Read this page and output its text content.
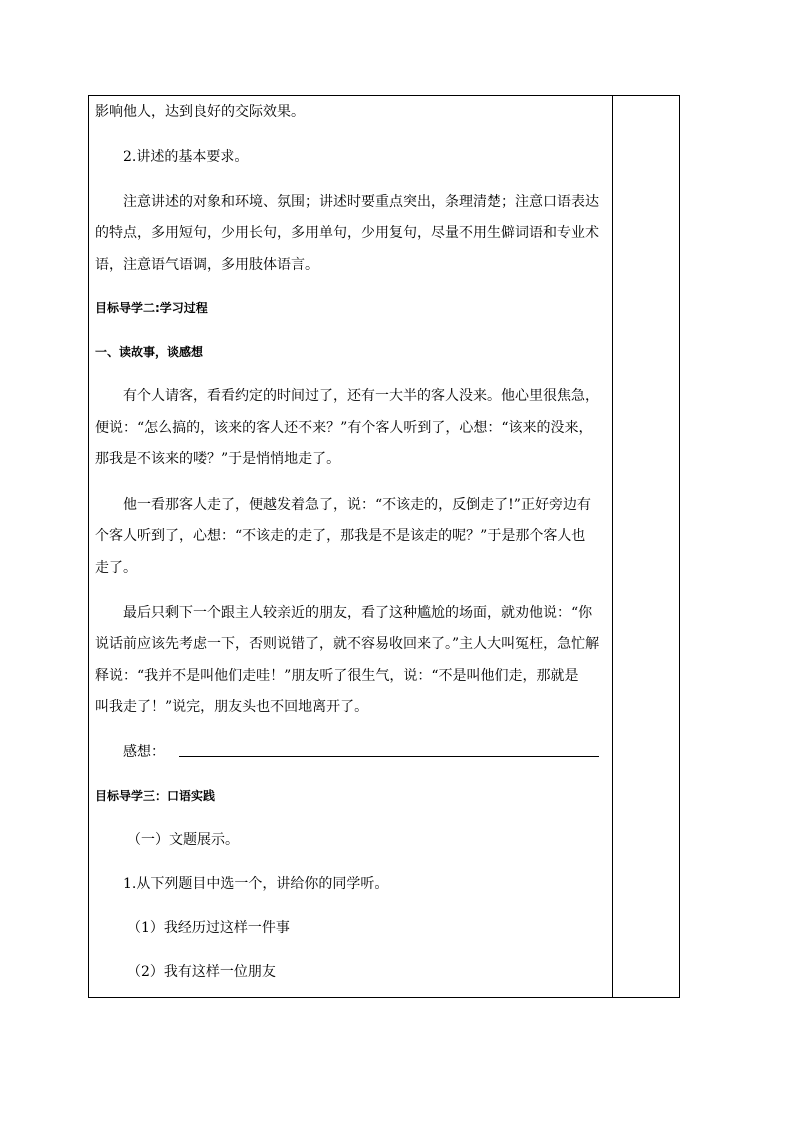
影响他人，达到良好的交际效果。
2.讲述的基本要求。
注意讲述的对象和环境、氛围；讲述时要重点突出，条理清楚；注意口语表达
的特点，多用短句，少用长句，多用单句，少用复句，尽量不用生僻词语和专业术
语，注意语气语调，多用肢体语言。
目标导学二:学习过程
一、读故事，谈感想
有个人请客，看看约定的时间过了，还有一大半的客人没来。他心里很焦急，
便说：“怎么搞的，该来的客人还不来？”有个客人听到了，心想：“该来的没来，
那我是不该来的喽？”于是悄悄地走了。
他一看那客人走了，便越发着急了，说：“不该走的，反倒走了!”正好旁边有
个客人听到了，心想：“不该走的走了，那我是不是该走的呢？”于是那个客人也
走了。
最后只剩下一个跟主人较亲近的朋友，看了这种尴尬的场面，就劝他说：“你
说话前应该先考虑一下，否则说错了，就不容易收回来了。”主人大叫冤枉，急忙解
释说：“我并不是叫他们走哇！”朋友听了很生气，说：“不是叫他们走，那就是
叫我走了！”说完，朋友头也不回地离开了。
感想：
目标导学三：口语实践
（一）文题展示。
1.从下列题目中选一个，讲给你的同学听。
（1）我经历过这样一件事
（2）我有这样一位朋友
